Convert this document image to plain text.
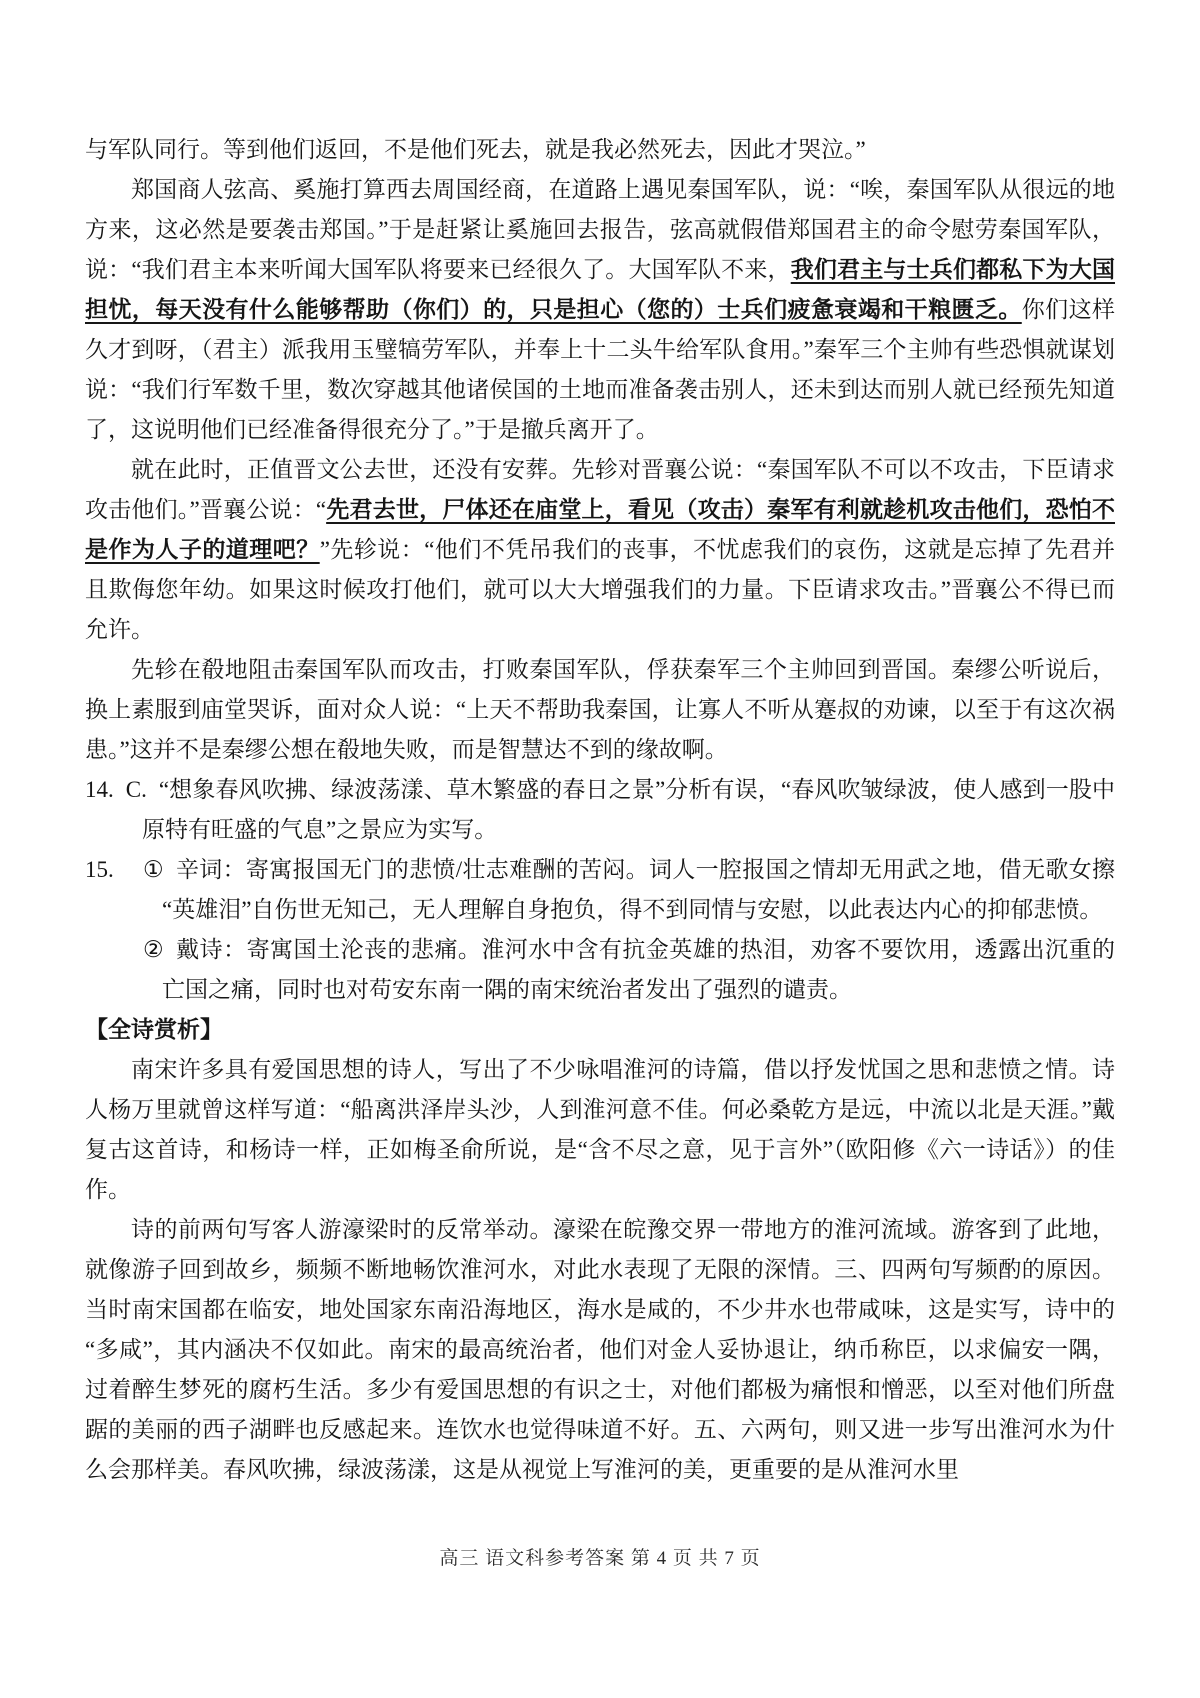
与军队同行。等到他们返回，不是他们死去，就是我必然死去，因此才哭泣。”
郑国商人弦高、奚施打算西去周国经商，在道路上遇见秦国军队，说：“唉，秦国军队从很远的地方来，这必然是要袭击郑国。”于是赶紧让奚施回去报告，弦高就假借郑国君主的命令慰劳秦国军队，说：“我们君主本来听闻大国军队将要来已经很久了。大国军队不来，我们君主与士兵们都私下为大国担忧，每天没有什么能够帮助（你们）的，只是担心（您的）士兵们疲惫衰竭和干粮匮乏。你们这样久才到呀，（君主）派我用玉璧犒劳军队，并奉上十二头牛给军队食用。”秦军三个主帅有些恐惧就谋划说：“我们行军数千里，数次穿越其他诸侯国的土地而准备袭击别人，还未到达而别人就已经预先知道了，这说明他们已经准备得很充分了。”于是撤兵离开了。
就在此时，正值晋文公去世，还没有安葬。先轸对晋襄公说：“秦国军队不可以不攻击，下臣请求攻击他们。”晋襄公说：“先君去世，尸体还在庙堂上，看见（攻击）秦军有利就趁机攻击他们，恐怕不是作为人子的道理吧？”先轸说：“他们不凭吊我们的丧事，不忧虑我们的哀伤，这就是忘掉了先君并且欺侮您年幼。如果这时候攻打他们，就可以大大增强我们的力量。下臣请求攻击。”晋襄公不得已而允许。
先轸在殽地阻击秦国军队而攻击，打败秦国军队，俘获秦军三个主帅回到晋国。秦缪公听说后，换上素服到庙堂哭诉，面对众人说：“上天不帮助我秦国，让寡人不听从蹇叔的劝谏，以至于有这次祸患。”这并不是秦缪公想在殽地失败，而是智慧达不到的缘故啊。
14. C. “想象春风吹拂、绿波荡漾、草木繁盛的春日之景”分析有误，“春风吹皱绿波，使人感到一股中原特有旺盛的气息”之景应为实写。
15. ① 辛词：寄寓报国无门的悲愤/壮志难酬的苦闷。词人一腔报国之情却无用武之地，借无歌女擦“英雄泪”自伤世无知己，无人理解自身抱负，得不到同情与安慰，以此表达内心的抑郁悲愤。
② 戴诗：寄寓国土沦丧的悲痛。淮河水中含有抗金英雄的热泪，劝客不要饮用，透露出沉重的亡国之痛，同时也对苟安东南一隅的南宋统治者发出了强烈的谴责。
【全诗赏析】
南宋许多具有爱国思想的诗人，写出了不少咏唱淮河的诗篇，借以抒发忧国之思和悲愤之情。诗人杨万里就曾这样写道：“船离洪泽岸头沙，人到淮河意不佳。何必桑乾方是远，中流以北是天涯。”戴复古这首诗，和杨诗一样，正如梅圣俞所说，是“含不尽之意，见于言外”（欧阳修《六一诗话》）的佳作。
诗的前两句写客人游濠梁时的反常举动。濠梁在皖豫交界一带地方的淮河流域。游客到了此地，就像游子回到故乡，频频不断地畅饮淮河水，对此水表现了无限的深情。三、四两句写频酌的原因。当时南宋国都在临安，地处国家东南沿海地区，海水是咸的，不少井水也带咸味，这是实写，诗中的“多咸”，其内涵决不仅如此。南宋的最高统治者，他们对金人妥协退让，纳币称臣，以求偏安一隅，过着醉生梦死的腐朽生活。多少有爱国思想的有识之士，对他们都极为痛恨和憎恶，以至对他们所盘踞的美丽的西子湖畔也反感起来。连饮水也觉得味道不好。五、六两句，则又进一步写出淮河水为什么会那样美。春风吹拂，绿波荡漾，这是从视觉上写淮河的美，更重要的是从淮河水里
高三 语文科参考答案 第 4 页 共 7 页
